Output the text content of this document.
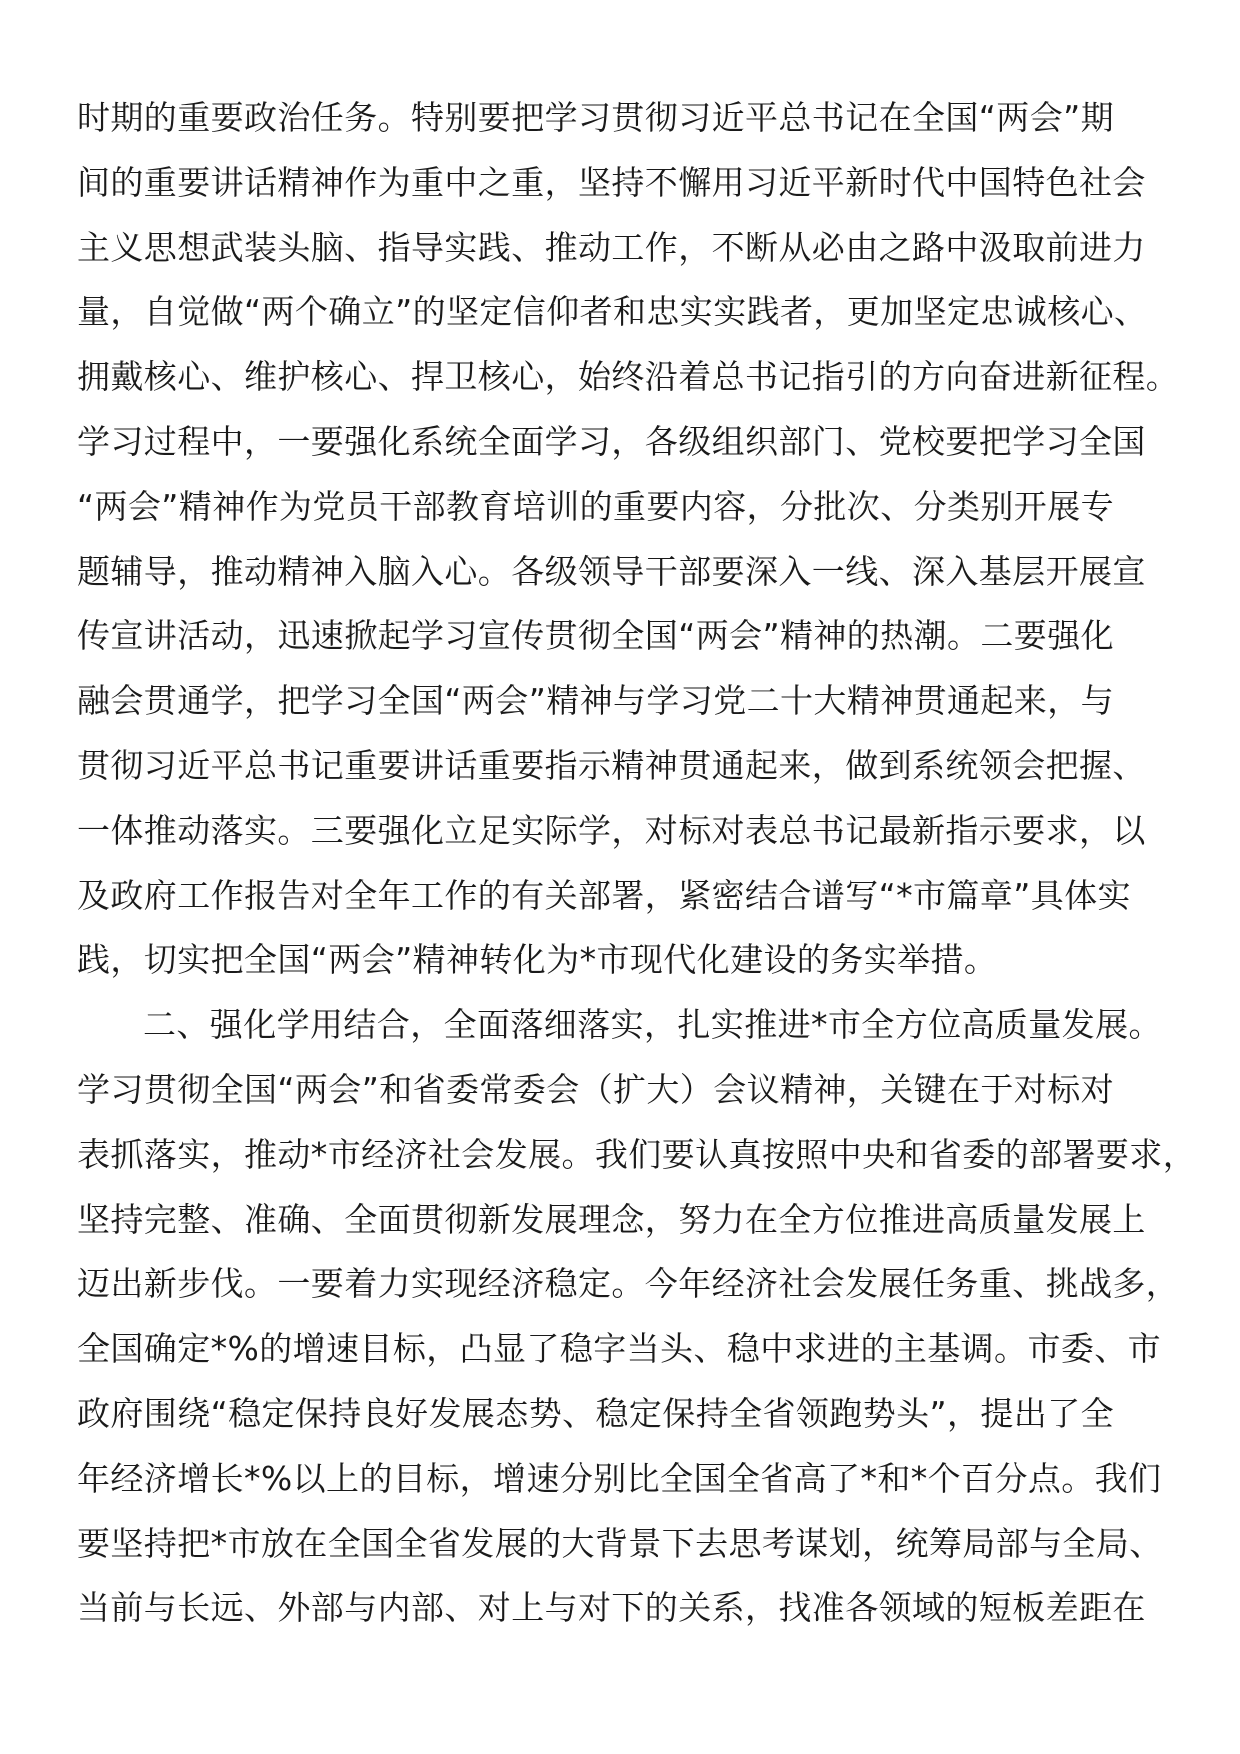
时期的重要政治任务。特别要把学习贯彻习近平总书记在全国“两会”期
间的重要讲话精神作为重中之重，坚持不懈用习近平新时代中国特色社会
主义思想武装头脑、指导实践、推动工作，不断从必由之路中汲取前进力
量，自觉做“两个确立”的坚定信仰者和忠实实践者，更加坚定忠诚核心、
拥戴核心、维护核心、捍卫核心，始终沿着总书记指引的方向奋进新征程。
学习过程中，一要强化系统全面学习，各级组织部门、党校要把学习全国
“两会”精神作为党员干部教育培训的重要内容，分批次、分类别开展专
题辅导，推动精神入脑入心。各级领导干部要深入一线、深入基层开展宣
传宣讲活动，迅速掀起学习宣传贯彻全国“两会”精神的热潮。二要强化
融会贯通学，把学习全国“两会”精神与学习党二十大精神贯通起来，与
贯彻习近平总书记重要讲话重要指示精神贯通起来，做到系统领会把握、
一体推动落实。三要强化立足实际学，对标对表总书记最新指示要求，以
及政府工作报告对全年工作的有关部署，紧密结合谱写“*市篇章”具体实
践，切实把全国“两会”精神转化为*市现代化建设的务实举措。
二、强化学用结合，全面落细落实，扎实推进*市全方位高质量发展。
学习贯彻全国“两会”和省委常委会（扩大）会议精神，关键在于对标对
表抓落实，推动*市经济社会发展。我们要认真按照中央和省委的部署要求，
坚持完整、准确、全面贯彻新发展理念，努力在全方位推进高质量发展上
迈出新步伐。一要着力实现经济稳定。今年经济社会发展任务重、挑战多，
全国确定*%的增速目标，凸显了稳字当头、稳中求进的主基调。市委、市
政府围绕“稳定保持良好发展态势、稳定保持全省领跑势头”，提出了全
年经济增长*%以上的目标，增速分别比全国全省高了*和*个百分点。我们
要坚持把*市放在全国全省发展的大背景下去思考谋划，统筹局部与全局、
当前与长远、外部与内部、对上与对下的关系，找准各领域的短板差距在
